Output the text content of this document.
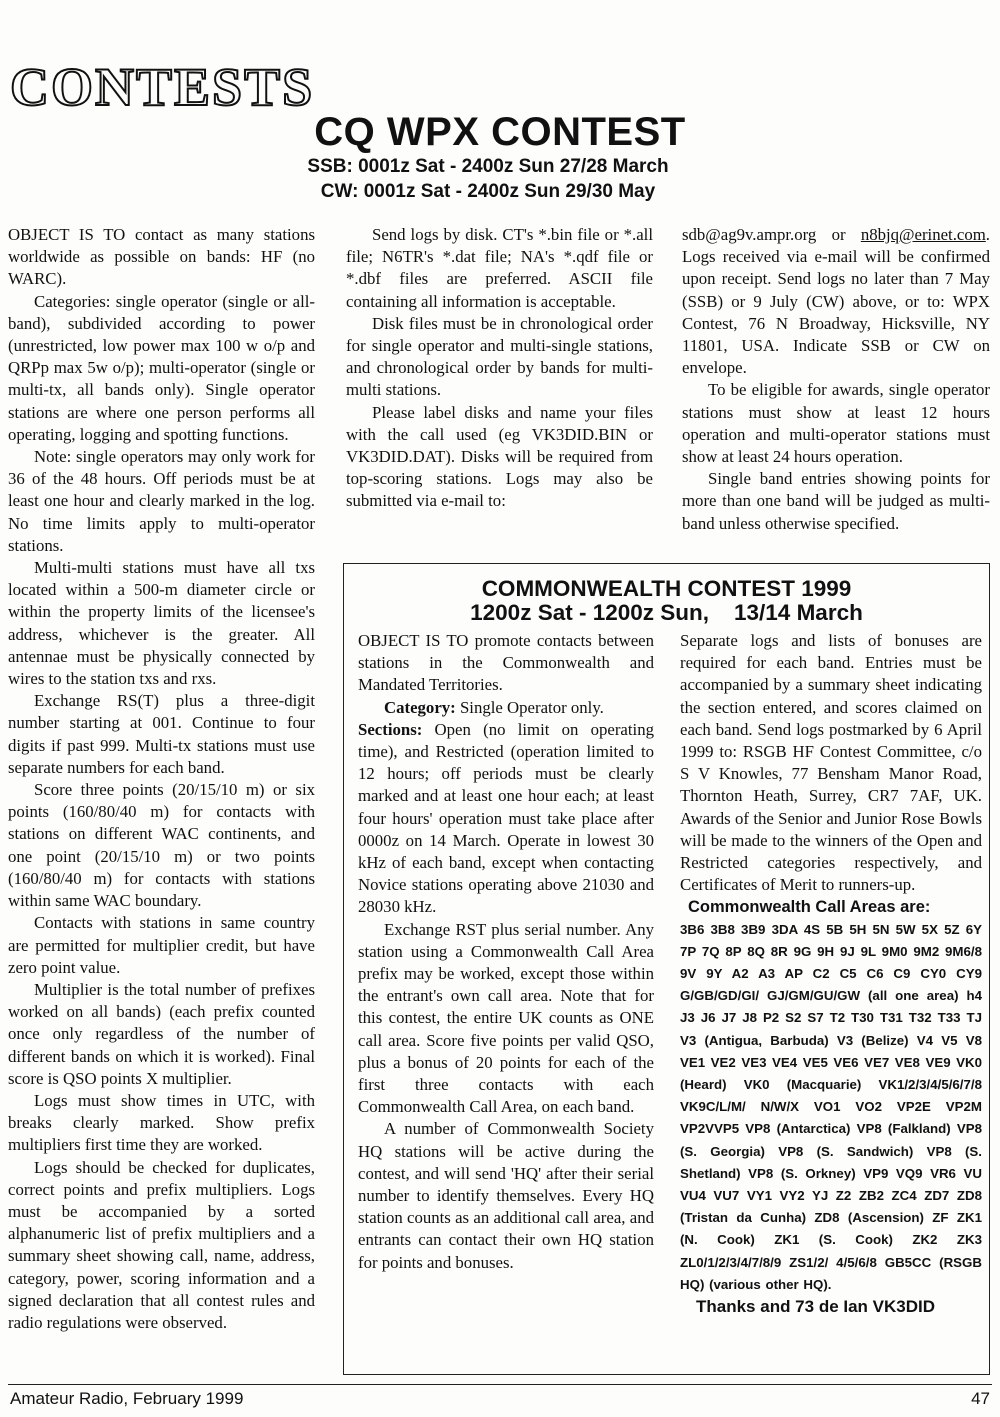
CONTESTS
CQ WPX CONTEST
SSB: 0001z Sat - 2400z Sun 27/28 March
CW: 0001z Sat - 2400z Sun 29/30 May

OBJECT IS TO contact as many stations worldwide as possible on bands: HF (no WARC).

Categories: single operator (single or all-band), subdivided according to power (unrestricted, low power max 100 w o/p and QRPp max 5w o/p); multi-operator (single or multi-tx, all bands only). Single operator stations are where one person performs all operating, logging and spotting functions.

Note: single operators may only work for 36 of the 48 hours. Off periods must be at least one hour and clearly marked in the log. No time limits apply to multi-operator stations.

Multi-multi stations must have all txs located within a 500-m diameter circle or within the property limits of the licensee's address, whichever is the greater. All antennae must be physically connected by wires to the station txs and rxs.

Exchange RS(T) plus a three-digit number starting at 001. Continue to four digits if past 999. Multi-tx stations must use separate numbers for each band.

Score three points (20/15/10 m) or six points (160/80/40 m) for contacts with stations on different WAC continents, and one point (20/15/10 m) or two points (160/80/40 m) for contacts with stations within same WAC boundary.

Contacts with stations in same country are permitted for multiplier credit, but have zero point value.

Multiplier is the total number of prefixes worked on all bands) (each prefix counted once only regardless of the number of different bands on which it is worked). Final score is QSO points X multiplier.

Logs must show times in UTC, with breaks clearly marked. Show prefix multipliers first time they are worked.

Logs should be checked for duplicates, correct points and prefix multipliers. Logs must be accompanied by a sorted alphanumeric list of prefix multipliers and a summary sheet showing call, name, address, category, power, scoring information and a signed declaration that all contest rules and radio regulations were observed.

Send logs by disk. CT's *.bin file or *.all file; N6TR's *.dat file; NA's *.qdf file or *.dbf files are preferred. ASCII file containing all information is acceptable.

Disk files must be in chronological order for single operator and multi-single stations, and chronological order by bands for multi-multi stations.

Please label disks and name your files with the call used (eg VK3DID.BIN or VK3DID.DAT). Disks will be required from top-scoring stations. Logs may also be submitted via e-mail to:

sdb@ag9v.ampr.org or n8bjq@erinet.com. Logs received via e-mail will be confirmed upon receipt. Send logs no later than 7 May (SSB) or 9 July (CW) above, or to: WPX Contest, 76 N Broadway, Hicksville, NY 11801, USA. Indicate SSB or CW on envelope.

To be eligible for awards, single operator stations must show at least 12 hours operation and multi-operator stations must show at least 24 hours operation.

Single band entries showing points for more than one band will be judged as multi-band unless otherwise specified.

COMMONWEALTH CONTEST 1999
1200z Sat - 1200z Sun,    13/14 March

OBJECT IS TO promote contacts between stations in the Commonwealth and Mandated Territories.

Category: Single Operator only.

Sections: Open (no limit on operating time), and Restricted (operation limited to 12 hours; off periods must be clearly marked and at least one hour each; at least four hours' operation must take place after 0000z on 14 March. Operate in lowest 30 kHz of each band, except when contacting Novice stations operating above 21030 and 28030 kHz.

Exchange RST plus serial number. Any station using a Commonwealth Call Area prefix may be worked, except those within the entrant's own call area. Note that for this contest, the entire UK counts as ONE call area. Score five points per valid QSO, plus a bonus of 20 points for each of the first three contacts with each Commonwealth Call Area, on each band.

A number of Commonwealth Society HQ stations will be active during the contest, and will send 'HQ' after their serial number to identify themselves. Every HQ station counts as an additional call area, and entrants can contact their own HQ station for points and bonuses.

Separate logs and lists of bonuses are required for each band. Entries must be accompanied by a summary sheet indicating the section entered, and scores claimed on each band. Send logs postmarked by 6 April 1999 to: RSGB HF Contest Committee, c/o S V Knowles, 77 Bensham Manor Road, Thornton Heath, Surrey, CR7 7AF, UK. Awards of the Senior and Junior Rose Bowls will be made to the winners of the Open and Restricted categories respectively, and Certificates of Merit to runners-up.

Commonwealth Call Areas are:
3B6 3B8 3B9 3DA 4S 5B 5H 5N 5W 5X 5Z 6Y 7P 7Q 8P 8Q 8R 9G 9H 9J 9L 9M0 9M2 9M6/8 9V 9Y A2 A3 AP C2 C5 C6 C9 CY0 CY9 G/GB/GD/GI/ GJ/GM/GU/GW (all one area) h4 J3 J6 J7 J8 P2 S2 S7 T2 T30 T31 T32 T33 TJ V3 (Antigua, Barbuda) V3 (Belize) V4 V5 V8 VE1 VE2 VE3 VE4 VE5 VE6 VE7 VE8 VE9 VK0 (Heard) VK0 (Macquarie) VK1/2/3/4/5/6/7/8 VK9C/L/M/ N/W/X VO1 VO2 VP2E VP2M VP2VVP5 VP8 (Antarctica) VP8 (Falkland) VP8 (S. Georgia) VP8 (S. Sandwich) VP8 (S. Shetland) VP8 (S. Orkney) VP9 VQ9 VR6 VU VU4 VU7 VY1 VY2 YJ Z2 ZB2 ZC4 ZD7 ZD8 (Tristan da Cunha) ZD8 (Ascension) ZF ZK1 (N. Cook) ZK1 (S. Cook) ZK2 ZK3 ZL0/1/2/3/4/7/8/9 ZS1/2/ 4/5/6/8 GB5CC (RSGB HQ) (various other HQ).
Thanks and 73 de Ian VK3DID
Amateur Radio, February 1999	47
